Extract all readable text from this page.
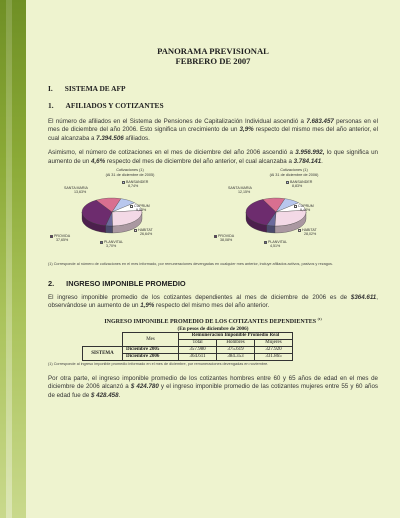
PANORAMA PREVISIONAL
FEBRERO DE 2007
I. SISTEMA DE AFP
1. AFILIADOS Y COTIZANTES

El número de afiliados en el Sistema de Pensiones de Capitalización Individual ascendió a 7.683.457 personas en el mes de diciembre del año 2006. Esto significa un crecimiento de un 3,9% respecto del mismo mes del año anterior, el cual alcanzaba a 7.394.506 afiliados.

Asimismo, el número de cotizaciones en el mes de diciembre del año 2006 ascendió a 3.956.992, lo que significa un aumento de un 4,6% respecto del mes de diciembre del año anterior, el cual alcanzaba a 3.784.141.

Cotizaciones (1)
(Al 31 de diciembre de 2005)
SANTA MARIA
13,63%
BANSANDER
8,74%
CUPRUM
9,53%
HABITAT
26,64%
PLANVITAL
3,70%
PROVIDA
37,65%
Cotizaciones (1)
(Al 31 de diciembre de 2006)
SANTA MARIA
12,15%
BANSANDER
8,83%
CUPRUM
9,44%
HABITAT
28,02%
PLANVITAL
4,51%
PROVIDA
38,08%

(1) Corresponde al número de cotizaciones en el mes informado, por remuneraciones devengadas en cualquier mes anterior, incluye afiliados activos, pasivos y rezagos.

2. INGRESO IMPONIBLE PROMEDIO

El ingreso imponible promedio de los cotizantes dependientes al mes de diciembre de 2006 es de $364.611, observándose un aumento de un 1,9% respecto del mismo mes del año anterior.

INGRESO IMPONIBLE PROMEDIO DE LOS COTIZANTES DEPENDIENTES $^{(1)}$
(En pesos de diciembre de 2006)
	Mes	Remuneración Imponible Promedio Real		
		Total	Hombres	Mujeres
SISTEMA	Diciembre 2005	357.980	375.619	327.920
	Diciembre 2006	364.611	384.353	331.865

(1) Corresponde al ingreso imponible promedio informado en el mes de diciembre, por remuneraciones devengadas en noviembre.

Por otra parte, el ingreso imponible promedio de los cotizantes hombres entre 60 y 65 años de edad en el mes de diciembre de 2006 alcanzó a $ 424.780 y el ingreso imponible promedio de las cotizantes mujeres entre 55 y 60 años de edad fue de $ 428.458.
